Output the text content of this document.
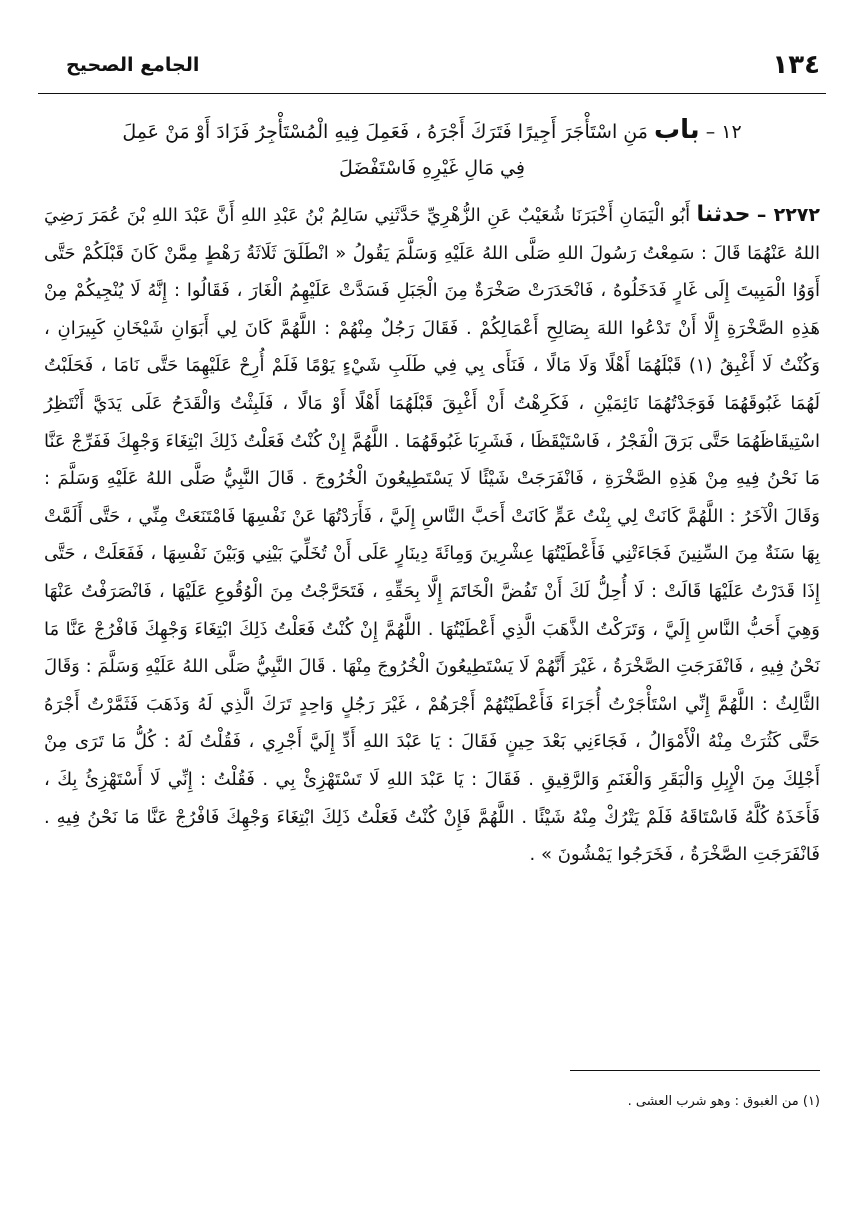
١٣٤
الجامع الصحيح
١٢ – باب مَنِ اسْتَأْجَرَ أَجِيرًا فَتَرَكَ أَجْرَهُ ، فَعَمِلَ فِيهِ الْمُسْتَأْجِرُ فَزَادَ أَوْ مَنْ عَمِلَ فِي مَالِ غَيْرِهِ فَاسْتَفْضَلَ
٢٢٧٢ – حدثنا أَبُو الْيَمَانِ أَخْبَرَنَا شُعَيْبٌ عَنِ الزُّهْرِيِّ حَدَّثَنِي سَالِمُ بْنُ عَبْدِ اللهِ أَنَّ عَبْدَ اللهِ بْنَ عُمَرَ رَضِيَ اللهُ عَنْهُمَا قَالَ : سَمِعْتُ رَسُولَ اللهِ صَلَّى اللهُ عَلَيْهِ وَسَلَّمَ يَقُولُ « انْطَلَقَ ثَلَاثَةُ رَهْطٍ مِمَّنْ كَانَ قَبْلَكُمْ حَتَّى أَوَوُا الْمَبِيتَ إِلَى غَارٍ فَدَخَلُوهُ ، فَانْحَدَرَتْ صَخْرَةٌ مِنَ الْجَبَلِ فَسَدَّتْ عَلَيْهِمُ الْغَارَ ، فَقَالُوا : إِنَّهُ لَا يُنْجِيكُمْ مِنْ هَذِهِ الصَّخْرَةِ إِلَّا أَنْ تَدْعُوا اللهَ بِصَالِحِ أَعْمَالِكُمْ . فَقَالَ رَجُلٌ مِنْهُمْ : اللَّهُمَّ كَانَ لِي أَبَوَانِ شَيْخَانِ كَبِيرَانِ ، وَكُنْتُ لَا أَغْبِقُ (١) قَبْلَهُمَا أَهْلًا وَلَا مَالًا ، فَنَأَى بِي فِي طَلَبِ شَيْءٍ يَوْمًا فَلَمْ أُرِحْ عَلَيْهِمَا حَتَّى نَامَا ، فَحَلَبْتُ لَهُمَا غَبُوقَهُمَا فَوَجَدْتُهُمَا نَائِمَيْنِ ، فَكَرِهْتُ أَنْ أَغْبِقَ قَبْلَهُمَا أَهْلًا أَوْ مَالًا ، فَلَبِثْتُ وَالْقَدَحُ عَلَى يَدَيَّ أَنْتَظِرُ اسْتِيقَاظَهُمَا حَتَّى بَرَقَ الْفَجْرُ ، فَاسْتَيْقَظَا ، فَشَرِبَا غَبُوقَهُمَا . اللَّهُمَّ إِنْ كُنْتُ فَعَلْتُ ذَلِكَ ابْتِغَاءَ وَجْهِكَ فَفَرِّجْ عَنَّا مَا نَحْنُ فِيهِ مِنْ هَذِهِ الصَّخْرَةِ ، فَانْفَرَجَتْ شَيْئًا لَا يَسْتَطِيعُونَ الْخُرُوجَ . قَالَ النَّبِيُّ صَلَّى اللهُ عَلَيْهِ وَسَلَّمَ : وَقَالَ الْآخَرُ : اللَّهُمَّ كَانَتْ لِي بِنْتُ عَمٍّ كَانَتْ أَحَبَّ النَّاسِ إِلَيَّ ، فَأَرَدْتُهَا عَنْ نَفْسِهَا فَامْتَنَعَتْ مِنِّي ، حَتَّى أَلَمَّتْ بِهَا سَنَةٌ مِنَ السِّنِينَ فَجَاءَتْنِي فَأَعْطَيْتُهَا عِشْرِينَ وَمِائَةَ دِينَارٍ عَلَى أَنْ تُخَلِّيَ بَيْنِي وَبَيْنَ نَفْسِهَا ، فَفَعَلَتْ ، حَتَّى إِذَا قَدَرْتُ عَلَيْهَا قَالَتْ : لَا أُحِلُّ لَكَ أَنْ تَفُضَّ الْخَاتَمَ إِلَّا بِحَقِّهِ ، فَتَحَرَّجْتُ مِنَ الْوُقُوعِ عَلَيْهَا ، فَانْصَرَفْتُ عَنْهَا وَهِيَ أَحَبُّ النَّاسِ إِلَيَّ ، وَتَرَكْتُ الذَّهَبَ الَّذِي أَعْطَيْتُهَا . اللَّهُمَّ إِنْ كُنْتُ فَعَلْتُ ذَلِكَ ابْتِغَاءَ وَجْهِكَ فَافْرُجْ عَنَّا مَا نَحْنُ فِيهِ ، فَانْفَرَجَتِ الصَّخْرَةُ ، غَيْرَ أَنَّهُمْ لَا يَسْتَطِيعُونَ الْخُرُوجَ مِنْهَا . قَالَ النَّبِيُّ صَلَّى اللهُ عَلَيْهِ وَسَلَّمَ : وَقَالَ الثَّالِثُ : اللَّهُمَّ إِنِّي اسْتَأْجَرْتُ أُجَرَاءَ فَأَعْطَيْتُهُمْ أَجْرَهُمْ ، غَيْرَ رَجُلٍ وَاحِدٍ تَرَكَ الَّذِي لَهُ وَذَهَبَ فَثَمَّرْتُ أَجْرَهُ حَتَّى كَثُرَتْ مِنْهُ الْأَمْوَالُ ، فَجَاءَنِي بَعْدَ حِينٍ فَقَالَ : يَا عَبْدَ اللهِ أَدِّ إِلَيَّ أَجْرِي ، فَقُلْتُ لَهُ : كُلُّ مَا تَرَى مِنْ أَجْلِكَ مِنَ الْإِبِلِ وَالْبَقَرِ وَالْغَنَمِ وَالرَّقِيقِ . فَقَالَ : يَا عَبْدَ اللهِ لَا تَسْتَهْزِئْ بِي . فَقُلْتُ : إِنِّي لَا أَسْتَهْزِئُ بِكَ ، فَأَخَذَهُ كُلَّهُ فَاسْتَاقَهُ فَلَمْ يَتْرُكْ مِنْهُ شَيْئًا . اللَّهُمَّ فَإِنْ كُنْتُ فَعَلْتُ ذَلِكَ ابْتِغَاءَ وَجْهِكَ فَافْرُجْ عَنَّا مَا نَحْنُ فِيهِ . فَانْفَرَجَتِ الصَّخْرَةُ ، فَخَرَجُوا يَمْشُونَ » .
(١) من الغبوق : وهو شرب العشى .
